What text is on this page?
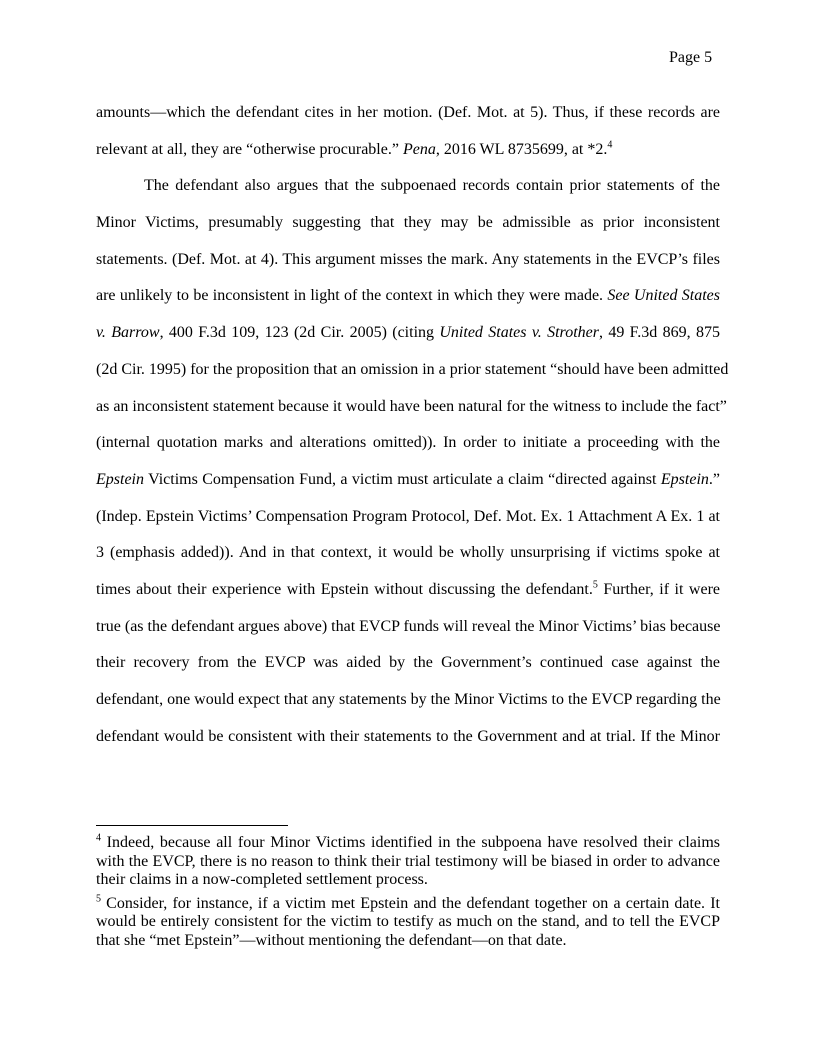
Page 5
amounts—which the defendant cites in her motion. (Def. Mot. at 5). Thus, if these records are
relevant at all, they are “otherwise procurable.” Pena, 2016 WL 8735699, at *2.$^4$
The defendant also argues that the subpoenaed records contain prior statements of the
Minor Victims, presumably suggesting that they may be admissible as prior inconsistent
statements. (Def. Mot. at 4). This argument misses the mark. Any statements in the EVCP’s files
are unlikely to be inconsistent in light of the context in which they were made. See United States
v. Barrow, 400 F.3d 109, 123 (2d Cir. 2005) (citing United States v. Strother, 49 F.3d 869, 875
(2d Cir. 1995) for the proposition that an omission in a prior statement “should have been admitted
as an inconsistent statement because it would have been natural for the witness to include the fact”
(internal quotation marks and alterations omitted)). In order to initiate a proceeding with the
Epstein Victims Compensation Fund, a victim must articulate a claim “directed against Epstein.”
(Indep. Epstein Victims’ Compensation Program Protocol, Def. Mot. Ex. 1 Attachment A Ex. 1 at
3 (emphasis added)). And in that context, it would be wholly unsurprising if victims spoke at
times about their experience with Epstein without discussing the defendant.$^5$ Further, if it were
true (as the defendant argues above) that EVCP funds will reveal the Minor Victims’ bias because
their recovery from the EVCP was aided by the Government’s continued case against the
defendant, one would expect that any statements by the Minor Victims to the EVCP regarding the
defendant would be consistent with their statements to the Government and at trial. If the Minor

$^4$ Indeed, because all four Minor Victims identified in the subpoena have resolved their claims with the EVCP, there is no reason to think their trial testimony will be biased in order to advance their claims in a now-completed settlement process.

$^5$ Consider, for instance, if a victim met Epstein and the defendant together on a certain date. It would be entirely consistent for the victim to testify as much on the stand, and to tell the EVCP that she “met Epstein”—without mentioning the defendant—on that date.
